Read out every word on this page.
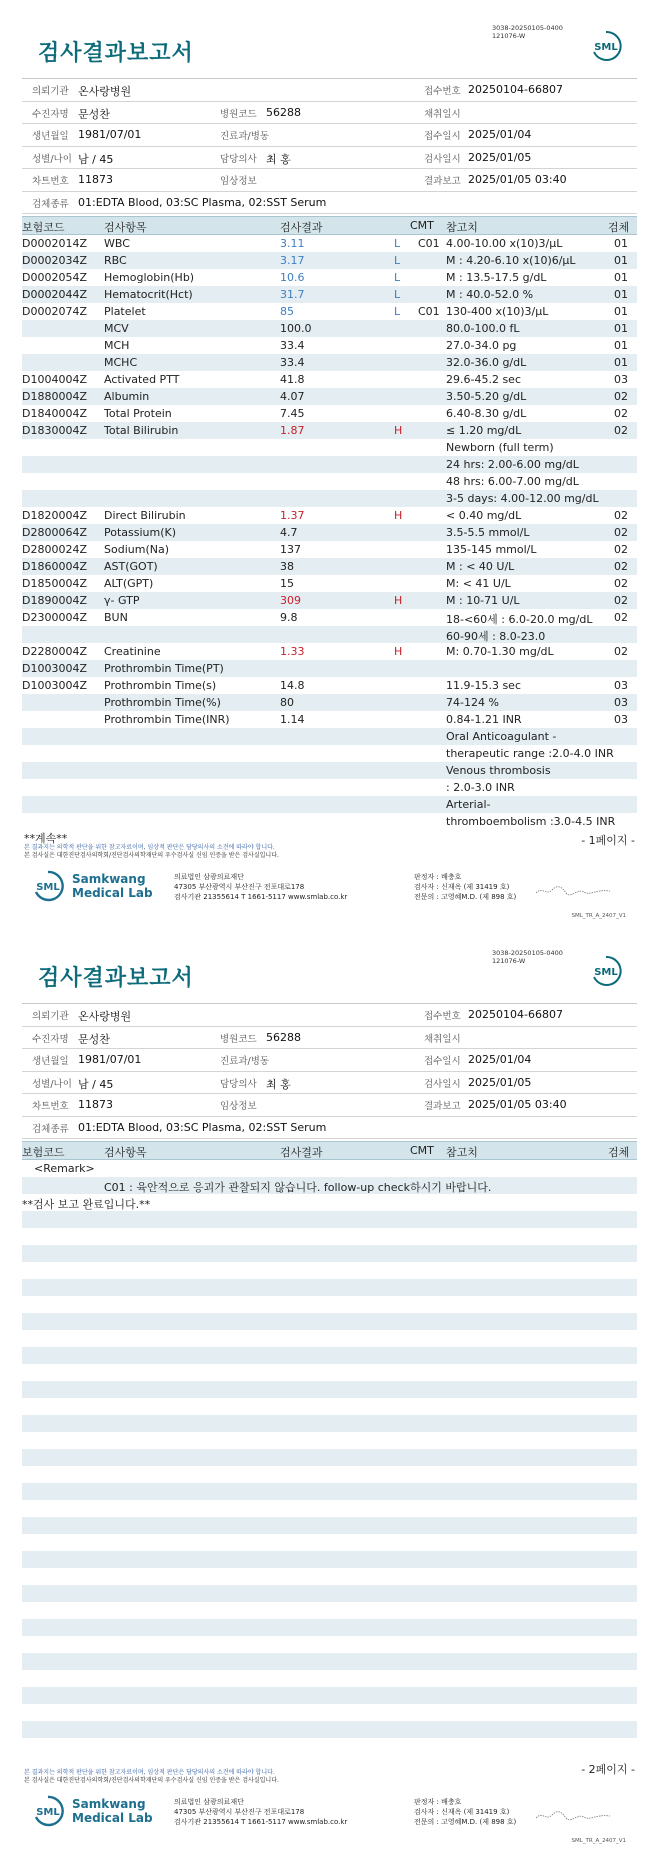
검사결과보고서
3038-20250105-0400
121076-W
SML
의뢰기관 온사랑병원	접수번호 20250104-66807
수진자명 문성찬	병원코드 56288	채취일시
생년월일 1981/07/01	진료과/병동	접수일시 2025/01/04
성별/나이 남 / 45	담당의사 최 홍	검사일시 2025/01/05
차트번호 11873	임상정보	결과보고 2025/01/05 03:40
검체종류 01:EDTA Blood, 03:SC Plasma, 02:SST Serum
보험코드	검사항목	검사결과	CMT 참고치	검체
D0002014Z WBC	3.11	L C01 4.00-10.00 x(10)3/μL	01
D0002034Z RBC	3.17	L	M : 4.20-6.10 x(10)6/μL	01
D0002054Z Hemoglobin(Hb)	10.6	L	M : 13.5-17.5 g/dL	01
D0002044Z Hematocrit(Hct)	31.7	L	M : 40.0-52.0 %	01
D0002074Z Platelet	85	L C01 130-400 x(10)3/μL	01
MCV	100.0	80.0-100.0 fL	01
MCH	33.4	27.0-34.0 pg	01
MCHC	33.4	32.0-36.0 g/dL	01
D1004004Z Activated PTT	41.8	29.6-45.2 sec	03
D1880004Z Albumin	4.07	3.50-5.20 g/dL	02
D1840004Z Total Protein	7.45	6.40-8.30 g/dL	02
D1830004Z Total Bilirubin	1.87	H	≤ 1.20 mg/dL	02
Newborn (full term)
24 hrs: 2.00-6.00 mg/dL
48 hrs: 6.00-7.00 mg/dL
3-5 days: 4.00-12.00 mg/dL
D1820004Z Direct Bilirubin	1.37	H	< 0.40 mg/dL	02
D2800064Z Potassium(K)	4.7	3.5-5.5 mmol/L	02
D2800024Z Sodium(Na)	137	135-145 mmol/L	02
D1860004Z AST(GOT)	38	M : < 40 U/L	02
D1850004Z ALT(GPT)	15	M: < 41 U/L	02
D1890004Z γ- GTP	309	H	M : 10-71 U/L	02
D2300004Z BUN	9.8	18-<60세 : 6.0-20.0 mg/dL 02
60-90세 : 8.0-23.0
D2280004Z Creatinine	1.33	H	M: 0.70-1.30 mg/dL	02
D1003004Z Prothrombin Time(PT)
D1003004Z Prothrombin Time(s)	14.8	11.9-15.3 sec	03
Prothrombin Time(%)	80	74-124 %	03
Prothrombin Time(INR)	1.14	0.84-1.21 INR	03
Oral Anticoagulant -
therapeutic range :2.0-4.0 INR
Venous thrombosis
: 2.0-3.0 INR
Arterial-
thromboembolism :3.0-4.5 INR
**계속**	- 1페이지 -
본 결과지는 의학적 판단을 위한 참고자료이며, 임상적 판단은 담당의사의 소견에 따라야 합니다.
본 검사실은 대한진단검사의학회/진단검사의학재단의 우수검사실 신임 인증을 받은 검사실입니다.
SML
Samkwang
Medical Lab
의료법인 삼광의료재단
47305 부산광역시 부산진구 전포대로178
검사기관 21355614 T 1661-5117 www.smlab.co.kr
판정자 : 배충호
검사자 : 신재옥 (제 31419 호)
전문의 : 고영혜M.D. (제 898 호)
SML_TR_A_2407_V1
검사결과보고서
3038-20250105-0400
121076-W
SML
의뢰기관 온사랑병원	접수번호 20250104-66807
수진자명 문성찬	병원코드 56288	채취일시
생년월일 1981/07/01	진료과/병동	접수일시 2025/01/04
성별/나이 남 / 45	담당의사 최 홍	검사일시 2025/01/05
차트번호 11873	임상정보	결과보고 2025/01/05 03:40
검체종류 01:EDTA Blood, 03:SC Plasma, 02:SST Serum
보험코드	검사항목	검사결과	CMT 참고치	검체
<Remark>
C01 : 육안적으로 응괴가 관찰되지 않습니다. follow-up check하시기 바랍니다.
**검사 보고 완료입니다.**
- 2페이지 -
본 결과지는 의학적 판단을 위한 참고자료이며, 임상적 판단은 담당의사의 소견에 따라야 합니다.
본 검사실은 대한진단검사의학회/진단검사의학재단의 우수검사실 신임 인증을 받은 검사실입니다.
SML
Samkwang
Medical Lab
의료법인 삼광의료재단
47305 부산광역시 부산진구 전포대로178
검사기관 21355614 T 1661-5117 www.smlab.co.kr
판정자 : 배충호
검사자 : 신재옥 (제 31419 호)
전문의 : 고영혜M.D. (제 898 호)
SML_TR_A_2407_V1
